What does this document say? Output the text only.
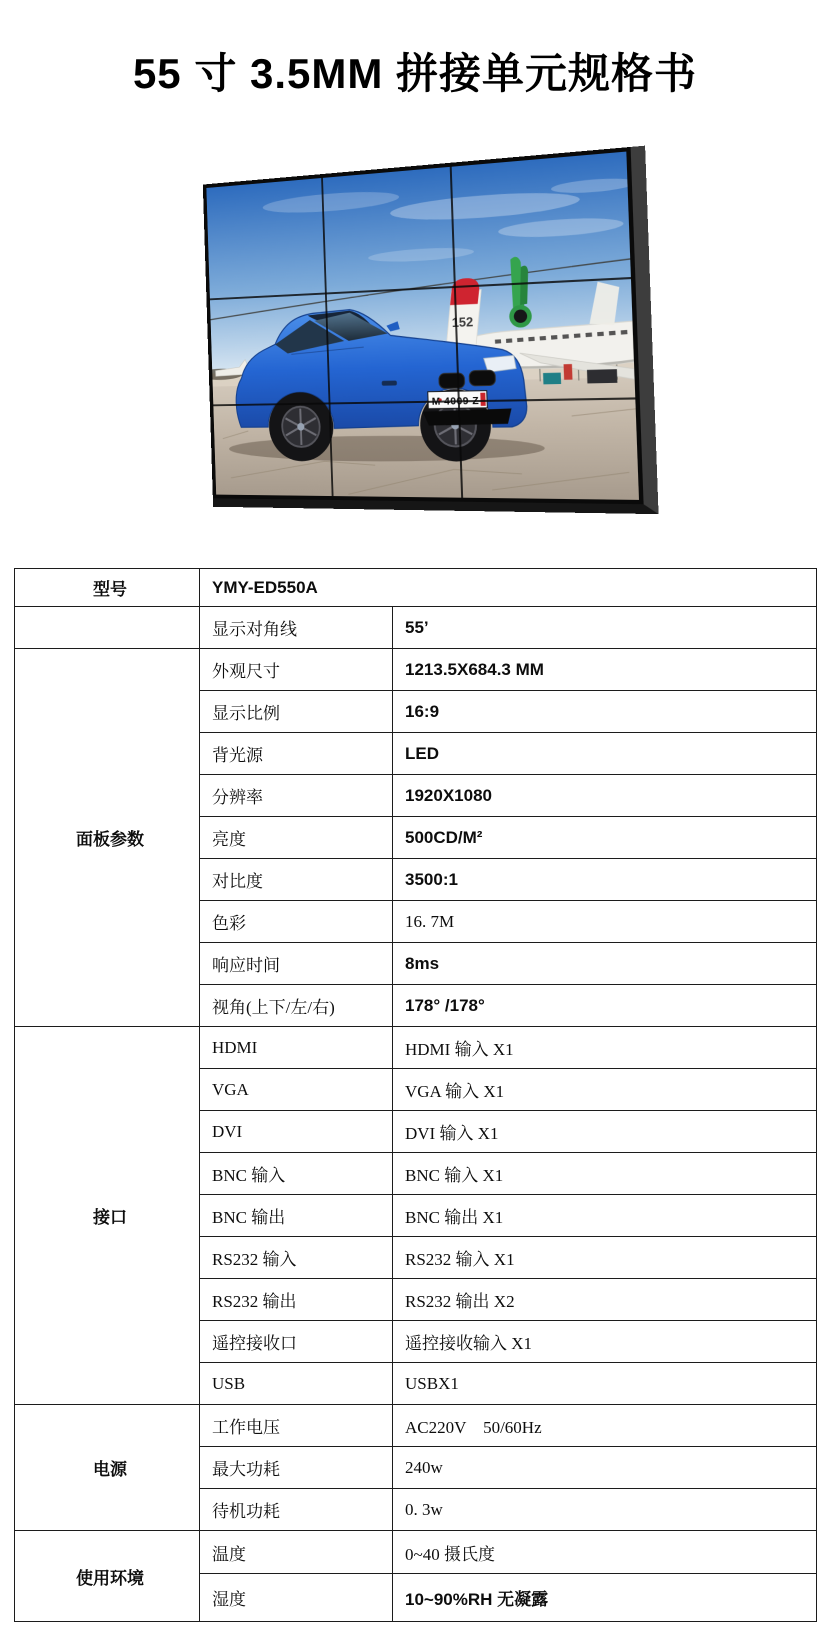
55 寸 3.5MM 拼接单元规格书
152
型号	YMY-ED550A	
	显示对角线	55’
面板参数	外观尺寸	1213.5X684.3 MM
	显示比例	16:9
	背光源	LED
	分辨率	1920X1080
	亮度	500CD/M²
	对比度	3500:1
	色彩	16. 7M
	响应时间	8ms
	视角(上下/左/右)	178° /178°
接口	HDMI	HDMI 输入 X1
	VGA	VGA 输入 X1
	DVI	DVI 输入 X1
	BNC 输入	BNC 输入 X1
	BNC 输出	BNC 输出 X1
	RS232 输入	RS232 输入 X1
	RS232 输出	RS232 输出 X2
	遥控接收口	遥控接收输入 X1
	USB	USBX1
电源	工作电压	AC220V　50/60Hz
	最大功耗	240w
	待机功耗	0. 3w
使用环境	温度	0~40 摄氏度
	湿度	10~90%RH 无凝露
